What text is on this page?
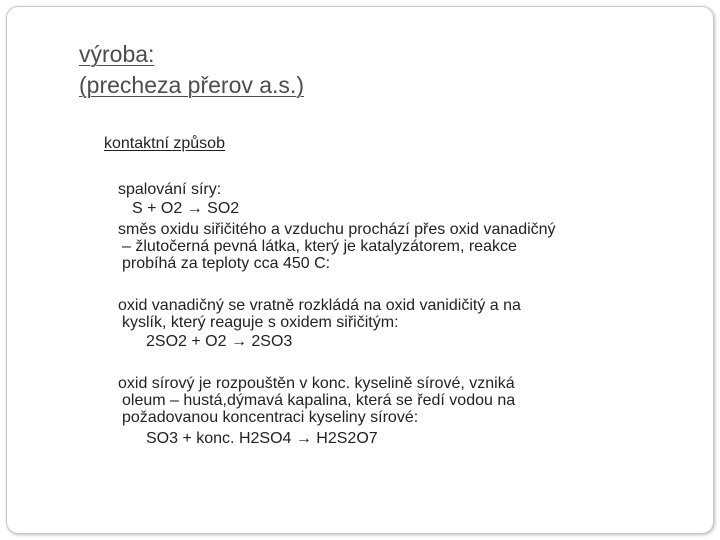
výroba:
(precheza přerov a.s.)
kontaktní způsob
spalování síry:
S + O2 → SO2
směs oxidu siřičitého a vzduchu prochází přes oxid vanadičný
– žlutočerná pevná látka, který je katalyzátorem, reakce
probíhá za teploty cca 450 C:
oxid vanadičný se vratně rozkládá na oxid vanidičitý a na
kyslík, který reaguje s oxidem siřičitým:
2SO2 + O2 → 2SO3
oxid sírový je rozpouštěn v konc. kyselině sírové, vzniká
oleum – hustá,dýmavá kapalina, která se ředí vodou na
požadovanou koncentraci kyseliny sírové:
SO3 + konc. H2SO4 → H2S2O7
